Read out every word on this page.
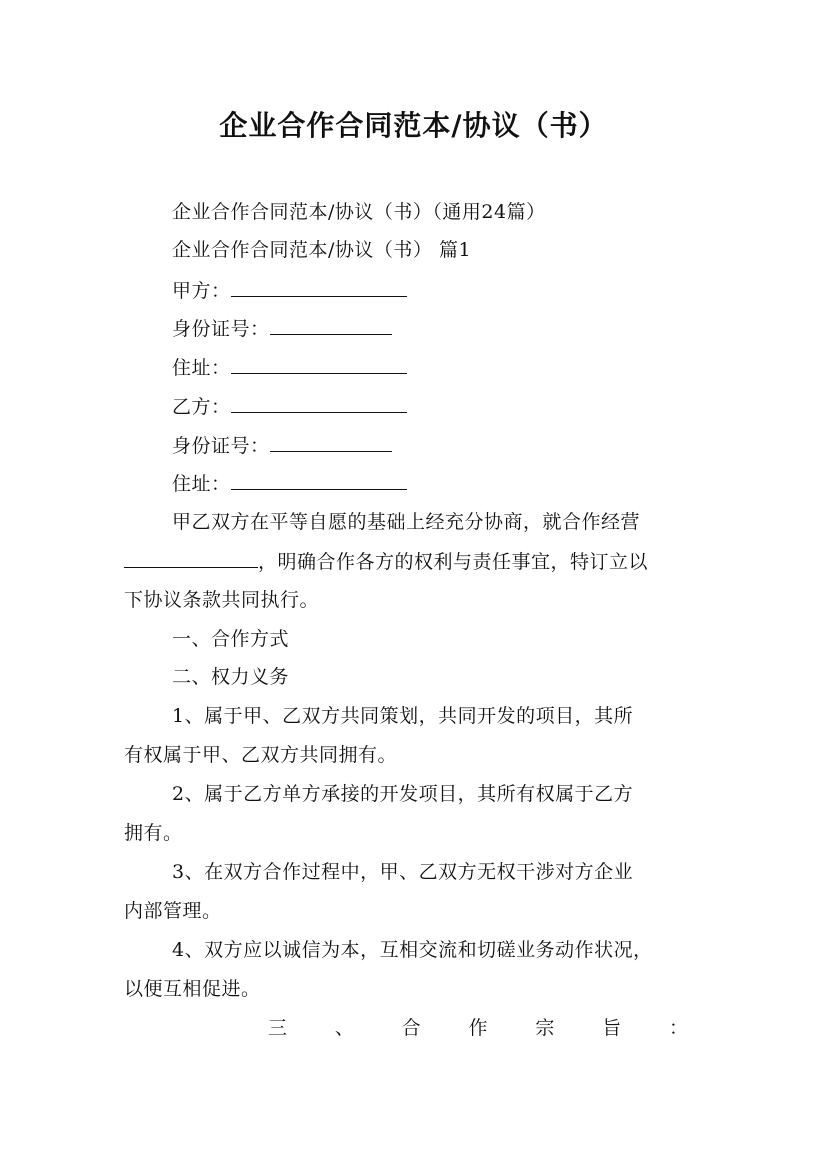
企业合作合同范本/协议（书）
企业合作合同范本/协议（书）（通用24篇）
企业合作合同范本/协议（书） 篇1
甲方：
身份证号：
住址：
乙方：
身份证号：
住址：
甲乙双方在平等自愿的基础上经充分协商，就合作经营
，明确合作各方的权利与责任事宜，特订立以
下协议条款共同执行。
一、合作方式
二、权力义务
1、属于甲、乙双方共同策划，共同开发的项目，其所
有权属于甲、乙双方共同拥有。
2、属于乙方单方承接的开发项目，其所有权属于乙方
拥有。
3、在双方合作过程中，甲、乙双方无权干涉对方企业
内部管理。
4、双方应以诚信为本，互相交流和切磋业务动作状况，
以便互相促进。
三	、	合	作	宗	旨	：
